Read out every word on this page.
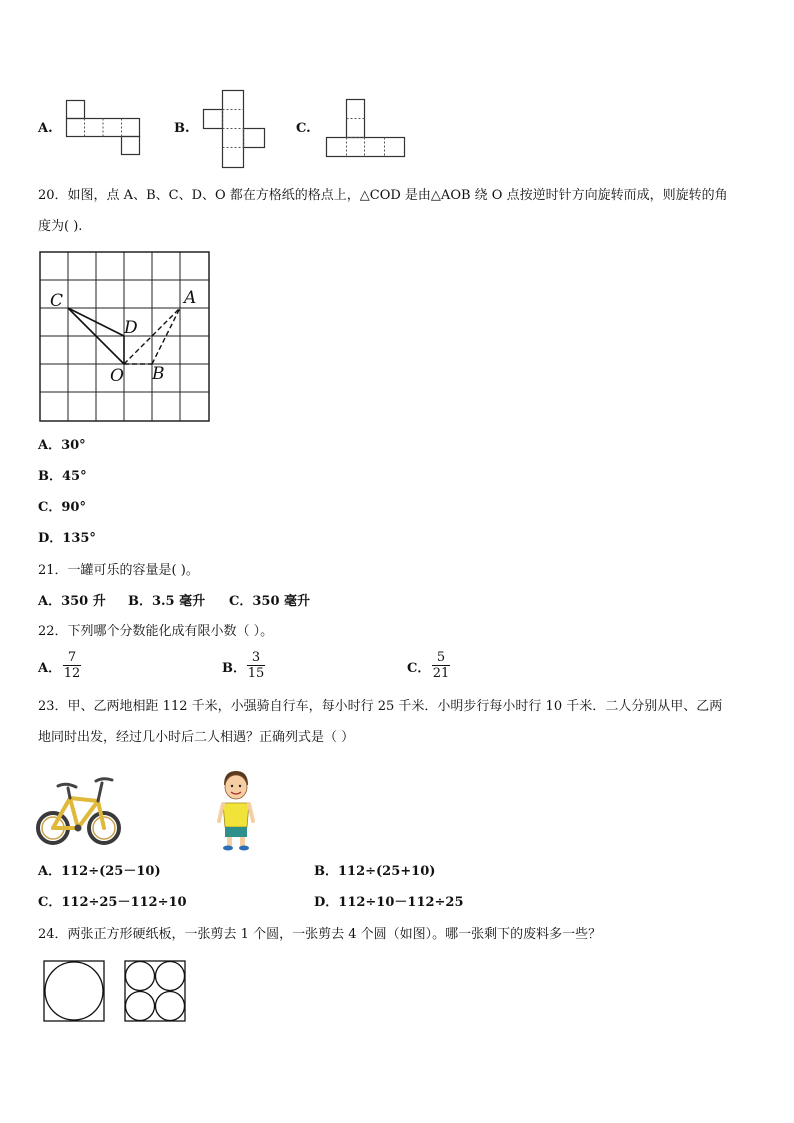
A.	B.	C.
20．如图，点 A、B、C、D、O 都在方格纸的格点上，△COD 是由△AOB 绕 O 点按逆时针方向旋转而成，则旋转的角
度为( ).
C	A
D
O B
A．30°
B．45°
C．90°
D．135°
21．一罐可乐的容量是( )。
A．350 升 B．3.5 毫升 C．350 毫升
22．下列哪个分数能化成有限小数（ ）。
A． $\frac{7}{12}$	B． $\frac{3}{15}$	C． $\frac{5}{21}$
23．甲、乙两地相距 112 千米，小强骑自行车，每小时行 25 千米．小明步行每小时行 10 千米．二人分别从甲、乙两
地同时出发，经过几小时后二人相遇？正确列式是（ ）
A．112÷(25－10)	B．112÷(25+10)
C．112÷25－112÷10	D．112÷10－112÷25
24．两张正方形硬纸板，一张剪去 1 个圆，一张剪去 4 个圆（如图）。哪一张剩下的废料多一些？
